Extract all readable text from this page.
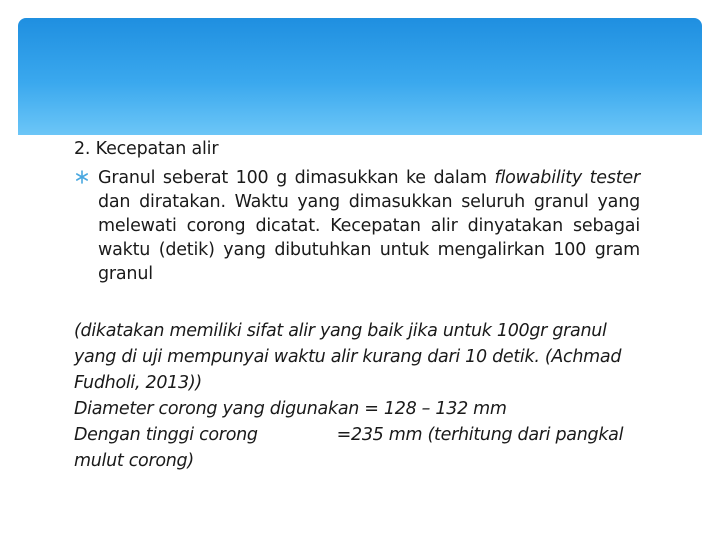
2. Kecepatan alir
Granul seberat 100 g dimasukkan ke dalam flowability tester dan diratakan. Waktu yang dimasukkan seluruh granul yang melewati corong dicatat. Kecepatan alir dinyatakan sebagai waktu (detik) yang dibutuhkan untuk mengalirkan 100 gram granul

(dikatakan memiliki sifat alir yang baik jika untuk 100gr granul yang di uji mempunyai waktu alir kurang dari 10 detik. (Achmad Fudholi, 2013))

Diameter corong yang digunakan = 128 – 132 mm

Dengan tinggi corong               =235 mm (terhitung dari pangkal mulut corong)
